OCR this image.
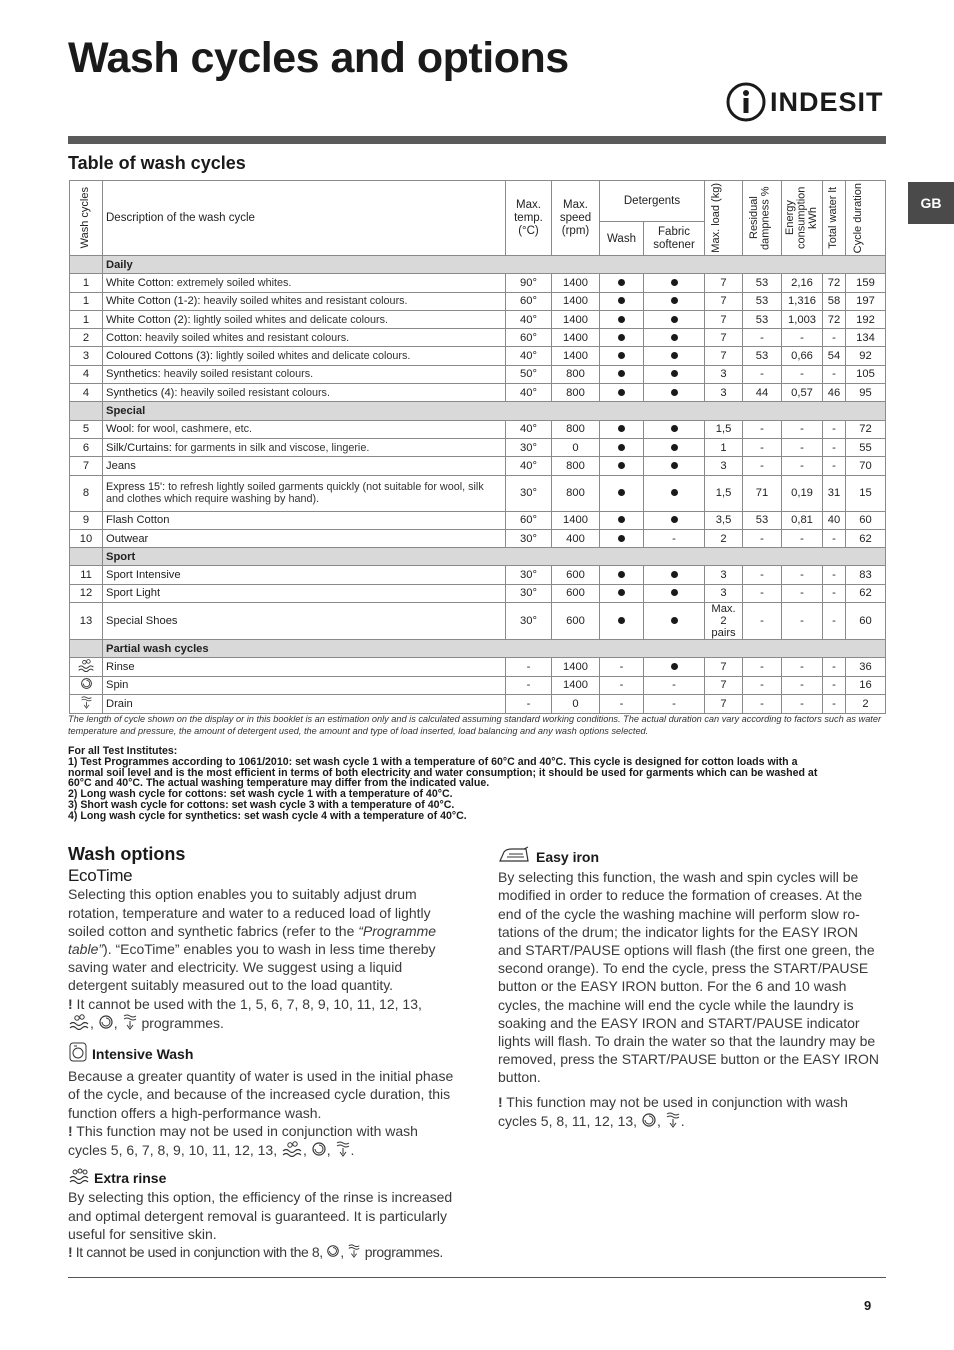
Wash cycles and options
INDESIT
GB
Table of wash cycles
Wash cycles	Description of the wash cycle	Max. temp. (°C)	Max. speed (rpm)	Detergents		Max. load (kg)	Residual dampness %	Energy consumption kWh	Total water lt	Cycle duration

				Wash	Fabric softener					
	Daily									
1	White Cotton: extremely soiled whites.	90°	1400			7	53	2,16	72	159
1	White Cotton (1-2): heavily soiled whites and resistant colours.	60°	1400			7	53	1,316	58	197
1	White Cotton (2): lightly soiled whites and delicate colours.	40°	1400			7	53	1,003	72	192
2	Cotton: heavily soiled whites and resistant colours.	60°	1400			7	-	-	-	134
3	Coloured Cottons (3): lightly soiled whites and delicate colours.	40°	1400			7	53	0,66	54	92
4	Synthetics: heavily soiled resistant colours.	50°	800			3	-	-	-	105
4	Synthetics (4): heavily soiled resistant colours.	40°	800			3	44	0,57	46	95
	Special									
5	Wool: for wool, cashmere, etc.	40°	800			1,5	-	-	-	72
6	Silk/Curtains: for garments in silk and viscose, lingerie.	30°	0			1	-	-	-	55
7	Jeans	40°	800			3	-	-	-	70
8	Express 15': to refresh lightly soiled garments quickly (not suitable for wool, silk and clothes which require washing by hand).	30°	800			1,5	71	0,19	31	15
9	Flash Cotton	60°	1400			3,5	53	0,81	40	60
10	Outwear	30°	400		-	2	-	-	-	62
	Sport									
11	Sport Intensive	30°	600			3	-	-	-	83
12	Sport Light	30°	600			3	-	-	-	62
13	Special Shoes	30°	600			Max. 2 pairs	-	-	-	60
	Partial wash cycles									
	Rinse	-	1400	-		7	-	-	-	36
	Spin	-	1400	-	-	7	-	-	-	16
	Drain	-	0	-	-	7	-	-	-	2
The length of cycle shown on the display or in this booklet is an estimation only and is calculated assuming standard working conditions. The actual duration can vary according to factors such as water temperature and pressure, the amount of detergent used, the amount and type of load inserted, load balancing and any wash options selected.
For all Test Institutes:
1) Test Programmes according to 1061/2010: set wash cycle 1 with a temperature of 60°C and 40°C. This cycle is designed for cotton loads with a
normal soil level and is the most efficient in terms of both electricity and water consumption; it should be used for garments which can be washed at
60°C and 40°C. The actual washing temperature may differ from the indicated value.
2) Long wash cycle for cottons: set wash cycle 1 with a temperature of 40°C.
3) Short wash cycle for cottons: set wash cycle 3 with a temperature of 40°C.
4) Long wash cycle for synthetics: set wash cycle 4 with a temperature of 40°C.
Wash options
EcoTime

Selecting this option enables you to suitably adjust drum rotation, temperature and water to a reduced load of lightly soiled cotton and synthetic fabrics (refer to the “Programme table”). “EcoTime” enables you to wash in less time thereby saving water and electricity. We suggest using a liquid detergent suitably measured out to the load quantity.

! It cannot be used with the 1, 5, 6, 7, 8, 9, 10, 11, 12, 13,
, ,  programmes.

Intensive Wash

Because a greater quantity of water is used in the initial phase of the cycle, and because of the increased cycle duration, this function offers a high-performance wash.

! This function may not be used in conjunction with wash cycles 5, 6, 7, 8, 9, 10, 11, 12, 13, , , .

Extra rinse

By selecting this option, the efficiency of the rinse is increased and optimal detergent removal is guaranteed. It is particularly useful for sensitive skin.

! It cannot be used in conjunction with the 8, ,  programmes.

Easy iron

By selecting this function, the wash and spin cycles will be modified in order to reduce the formation of creases. At the end of the cycle the washing machine will perform slow ro-tations of the drum; the indicator lights for the EASY IRON and START/PAUSE options will flash (the first one green, the second orange). To end the cycle, press the START/PAUSE button or the EASY IRON button. For the 6 and 10 wash cycles, the machine will end the cycle while the laundry is soaking and the EASY IRON and START/PAUSE indicator lights will flash. To drain the water so that the laundry may be removed, press the START/PAUSE button or the EASY IRON button.

! This function may not be used in conjunction with wash cycles 5, 8, 11, 12, 13, , .

9
